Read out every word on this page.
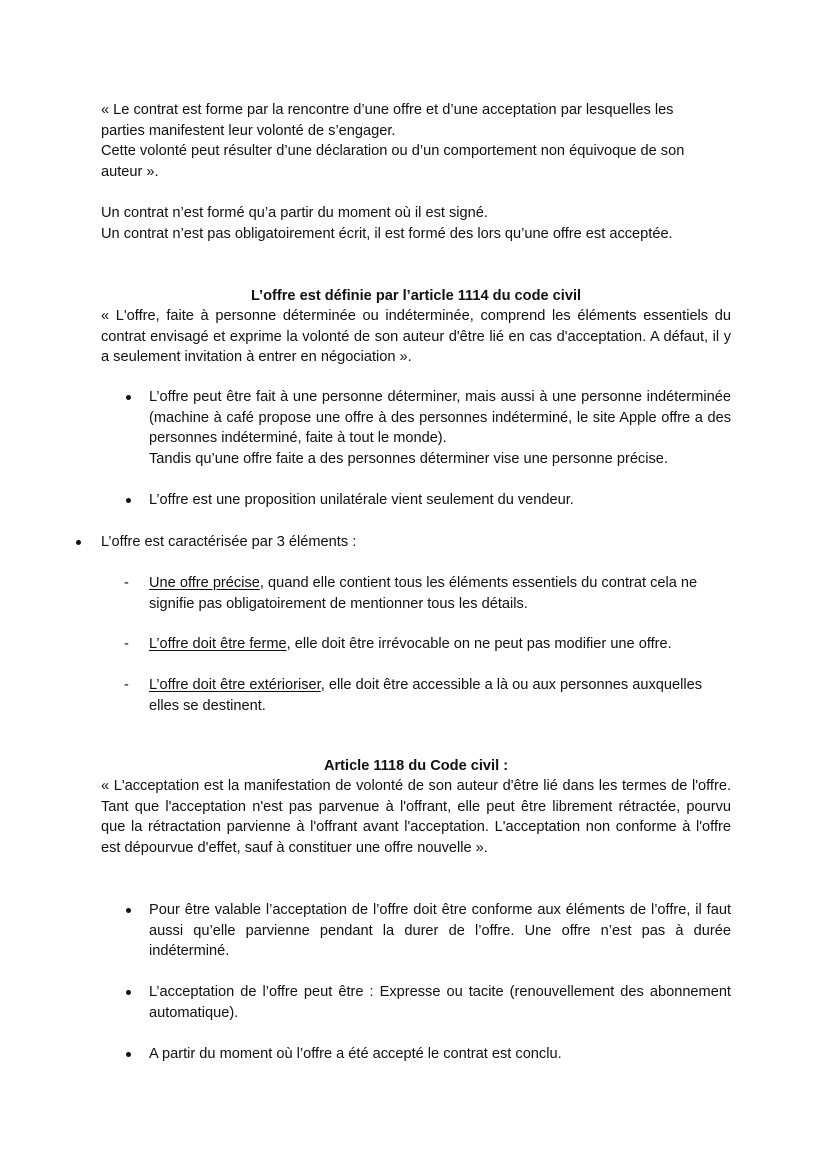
« Le contrat est forme par la rencontre d’une offre et d’une acceptation par lesquelles les
parties manifestent leur volonté de s’engager.
Cette volonté peut résulter d’une déclaration ou d’un comportement non équivoque de son
auteur ».
Un contrat n’est formé qu’a partir du moment où il est signé.
Un contrat n’est pas obligatoirement écrit, il est formé des lors qu’une offre est acceptée.
L’offre est définie par l’article 1114 du code civil
« L'offre, faite à personne déterminée ou indéterminée, comprend les éléments essentiels du contrat envisagé et exprime la volonté de son auteur d'être lié en cas d'acceptation. A défaut, il y a seulement invitation à entrer en négociation ».
L’offre peut être fait à une personne déterminer, mais aussi à une personne indéterminée (machine à café propose une offre à des personnes indéterminé, le site Apple offre a des personnes indéterminé, faite à tout le monde).
Tandis qu’une offre faite a des personnes déterminer vise une personne précise.
L’offre est une proposition unilatérale vient seulement du vendeur.
L’offre est caractérisée par 3 éléments :
- Une offre précise, quand elle contient tous les éléments essentiels du contrat cela ne signifie pas obligatoirement de mentionner tous les détails.
- L’offre doit être ferme, elle doit être irrévocable on ne peut pas modifier une offre.
- L’offre doit être extérioriser, elle doit être accessible a là ou aux personnes auxquelles elles se destinent.
Article 1118 du Code civil :
« L'acceptation est la manifestation de volonté de son auteur d'être lié dans les termes de l'offre. Tant que l'acceptation n'est pas parvenue à l'offrant, elle peut être librement rétractée, pourvu que la rétractation parvienne à l'offrant avant l'acceptation. L'acceptation non conforme à l'offre est dépourvue d'effet, sauf à constituer une offre nouvelle ».
Pour être valable l’acceptation de l’offre doit être conforme aux éléments de l’offre, il faut aussi qu’elle parvienne pendant la durer de l’offre. Une offre n’est pas à durée indéterminé.
L’acceptation de l’offre peut être : Expresse ou tacite (renouvellement des abonnement automatique).
A partir du moment où l’offre a été accepté le contrat est conclu.
